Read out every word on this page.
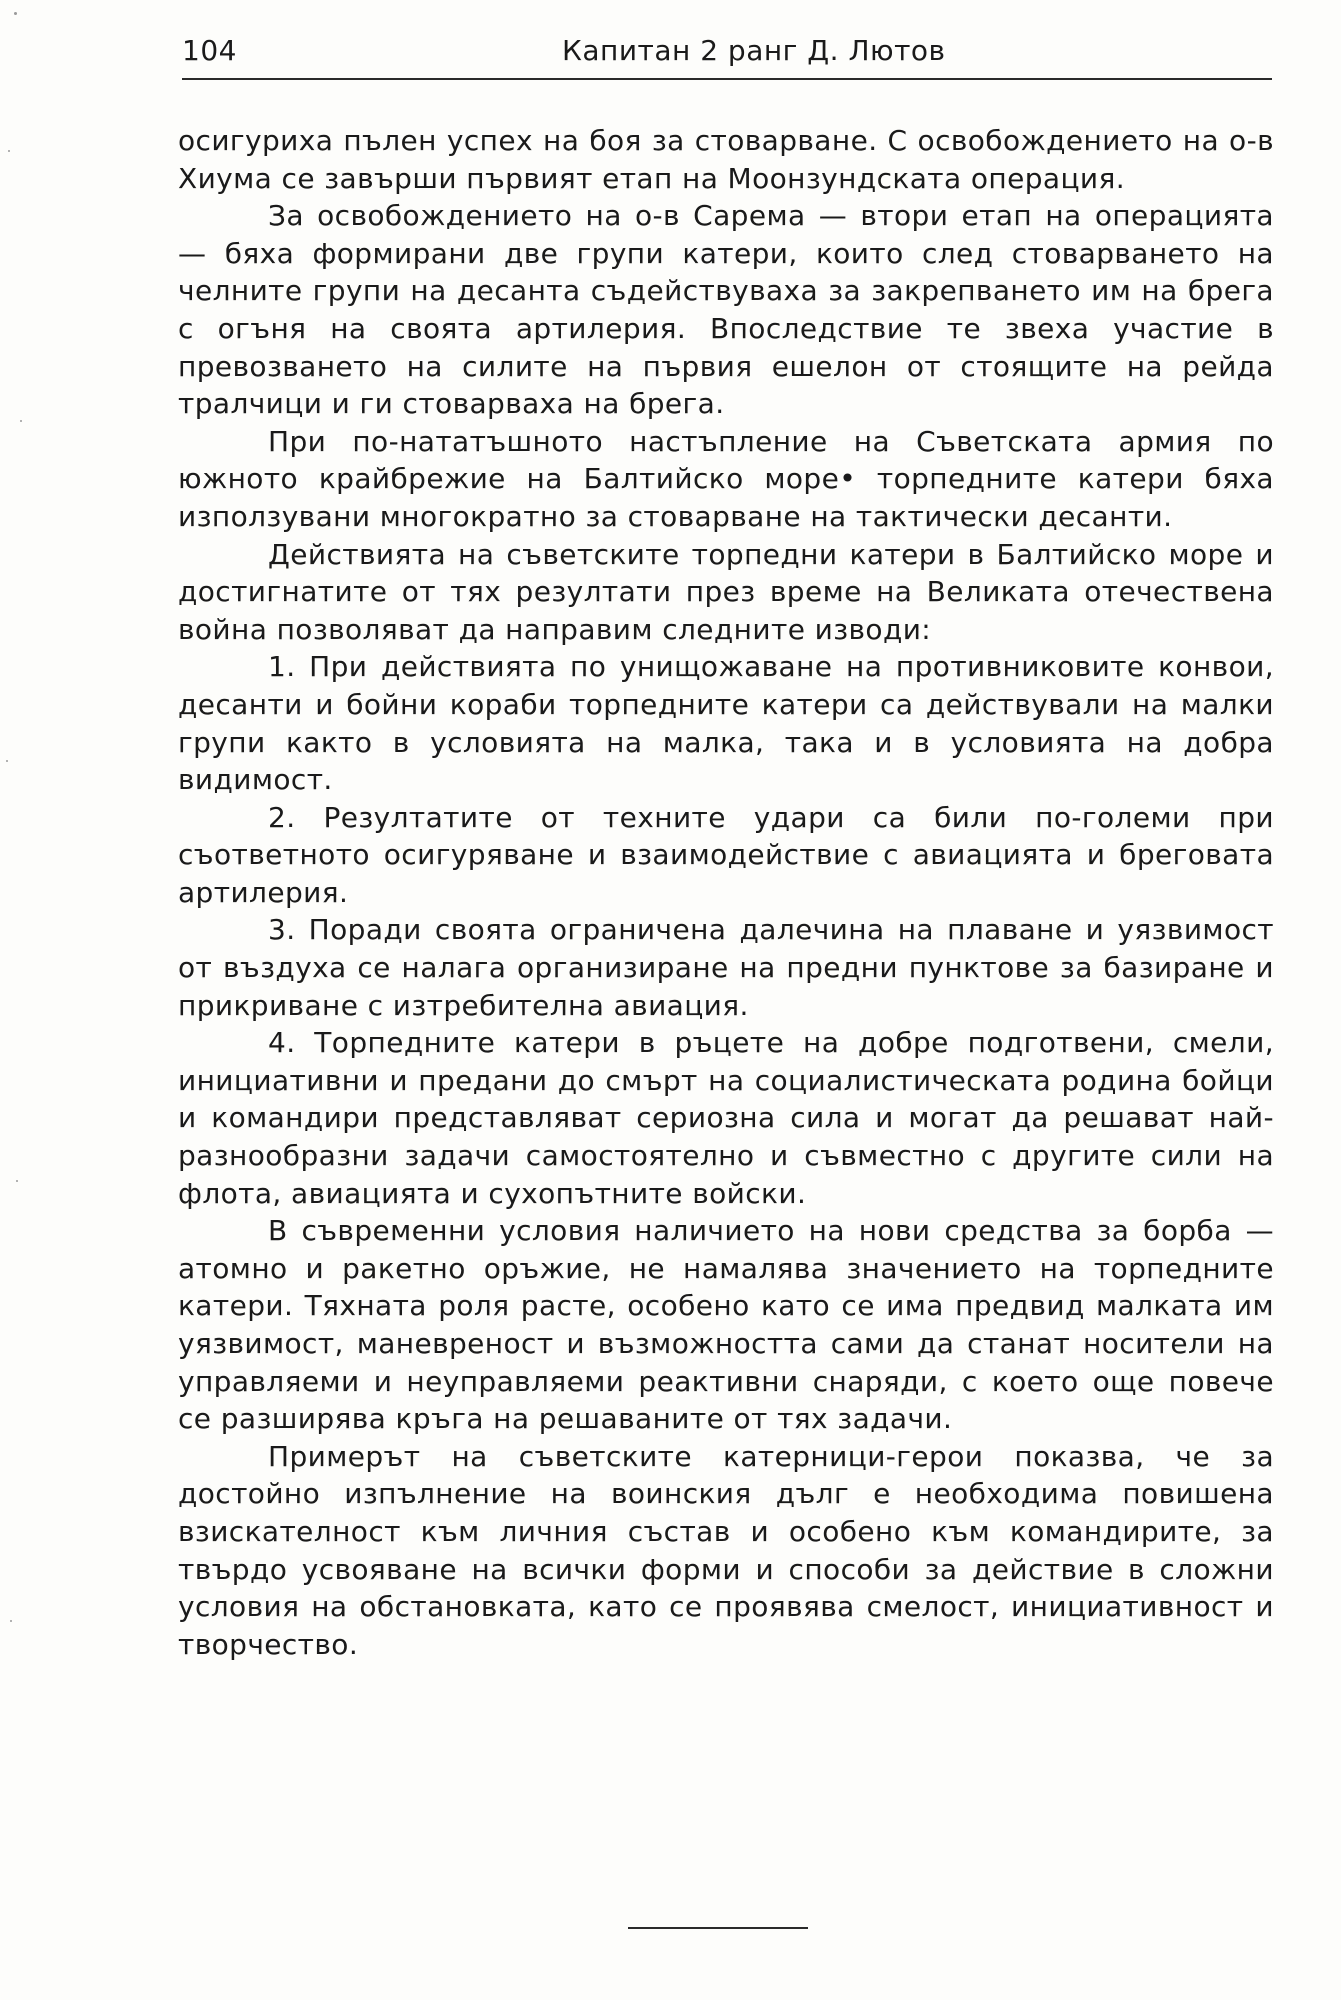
104	Капитан 2 ранг Д. Лютов

осигуриха пълен успех на боя за стоварване. С освобождението на о-в Хиума се завърши първият етап на Моонзундската операция.

За освобождението на о-в Сарема — втори етап на операцията — бяха формирани две групи катери, които след стоварването на челните групи на десанта съдействуваха за закрепването им на брега с огъня на своята артилерия. Впоследствие те звеха участие в превозването на силите на първия ешелон от стоящите на рейда тралчици и ги стоварваха на брега.

При по-нататъшното настъпление на Съветската армия по южното крайбрежие на Балтийско море• торпедните катери бяха използувани многократно за стоварване на тактически десанти.

Действията на съветските торпедни катери в Балтийско море и достигнатите от тях резултати през време на Великата отечествена война позволяват да направим следните изводи:

1. При действията по унищожаване на противниковите конвои, десанти и бойни кораби торпедните катери са действували на малки групи както в условията на малка, така и в условията на добра видимост.

2. Резултатите от техните удари са били по-големи при съответното осигуряване и взаимодействие с авиацията и бреговата артилерия.

3. Поради своята ограничена далечина на плаване и уязвимост от въздуха се налага организиране на предни пунктове за базиране и прикриване с изтребителна авиация.

4. Торпедните катери в ръцете на добре подготвени, смели, инициативни и предани до смърт на социалистическата родина бойци и командири представляват сериозна сила и могат да решават най-разнообразни задачи самостоятелно и съвместно с другите сили на флота, авиацията и сухопътните войски.

В съвременни условия наличието на нови средства за борба — атомно и ракетно оръжие, не намалява значението на торпедните катери. Тяхната роля расте, особено като се има предвид малката им уязвимост, маневреност и възможността сами да станат носители на управляеми и неуправляеми реактивни снаряди, с което още повече се разширява кръга на решаваните от тях задачи.

Примерът на съветските катерници-герои показва, че за достойно изпълнение на воинския дълг е необходима повишена взискателност към личния състав и особено към командирите, за твърдо усвояване на всички форми и способи за действие в сложни условия на обстановката, като се проявява смелост, инициативност и творчество.
